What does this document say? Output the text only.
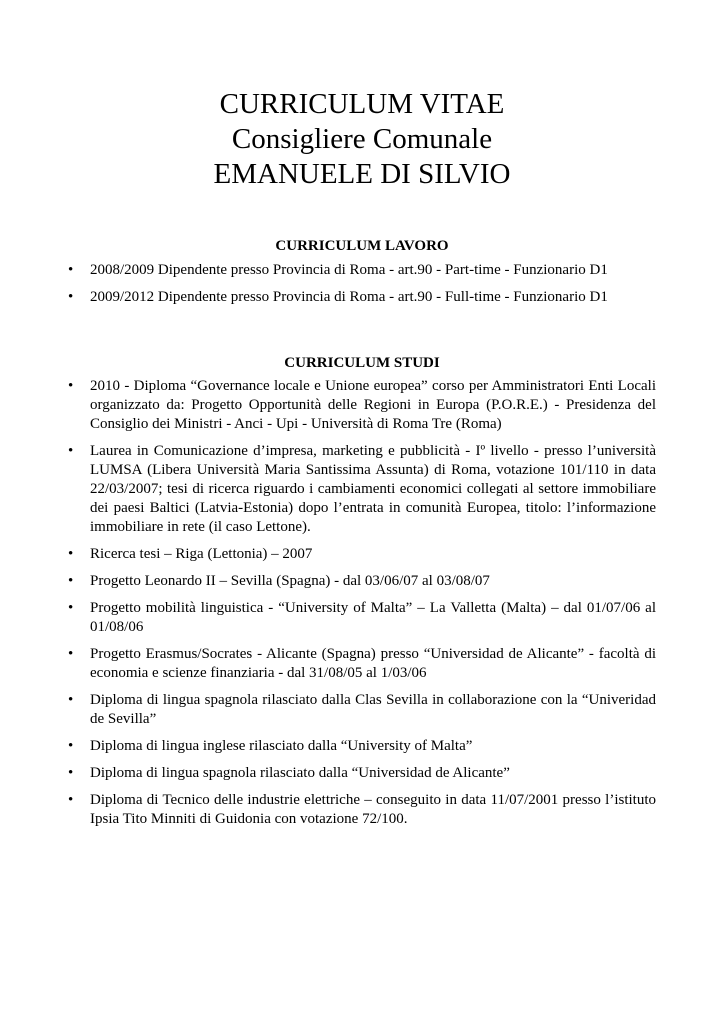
CURRICULUM VITAE
Consigliere Comunale
EMANUELE DI SILVIO
CURRICULUM LAVORO
• 2008/2009 Dipendente presso Provincia di Roma - art.90 - Part-time - Funzionario D1
• 2009/2012 Dipendente presso Provincia di Roma - art.90 - Full-time - Funzionario D1
CURRICULUM STUDI
• 2010 - Diploma “Governance locale e Unione europea” corso per Amministratori Enti Locali organizzato da: Progetto Opportunità delle Regioni in Europa (P.O.R.E.) - Presidenza del Consiglio dei Ministri - Anci - Upi - Università di Roma Tre (Roma)
• Laurea in Comunicazione d’impresa, marketing e pubblicità - Iº livello - presso l’università LUMSA (Libera Università Maria Santissima Assunta) di Roma, votazione 101/110 in data 22/03/2007; tesi di ricerca riguardo i cambiamenti economici collegati al settore immobiliare dei paesi Baltici (Latvia-Estonia) dopo l’entrata in comunità Europea, titolo: l’informazione immobiliare in rete (il caso Lettone).
• Ricerca tesi – Riga (Lettonia) – 2007
• Progetto Leonardo II – Sevilla (Spagna) - dal 03/06/07 al 03/08/07
• Progetto mobilità linguistica - “University of Malta” – La Valletta (Malta) – dal 01/07/06 al 01/08/06
• Progetto Erasmus/Socrates - Alicante (Spagna) presso “Universidad de Alicante” - facoltà di economia e scienze finanziaria - dal 31/08/05 al 1/03/06
• Diploma di lingua spagnola rilasciato dalla Clas Sevilla in collaborazione con la “Univeridad de Sevilla”
• Diploma di lingua inglese rilasciato dalla “University of Malta”
• Diploma di lingua spagnola rilasciato dalla “Universidad de Alicante”
• Diploma di Tecnico delle industrie elettriche – conseguito in data 11/07/2001 presso l’istituto Ipsia Tito Minniti di Guidonia con votazione 72/100.
